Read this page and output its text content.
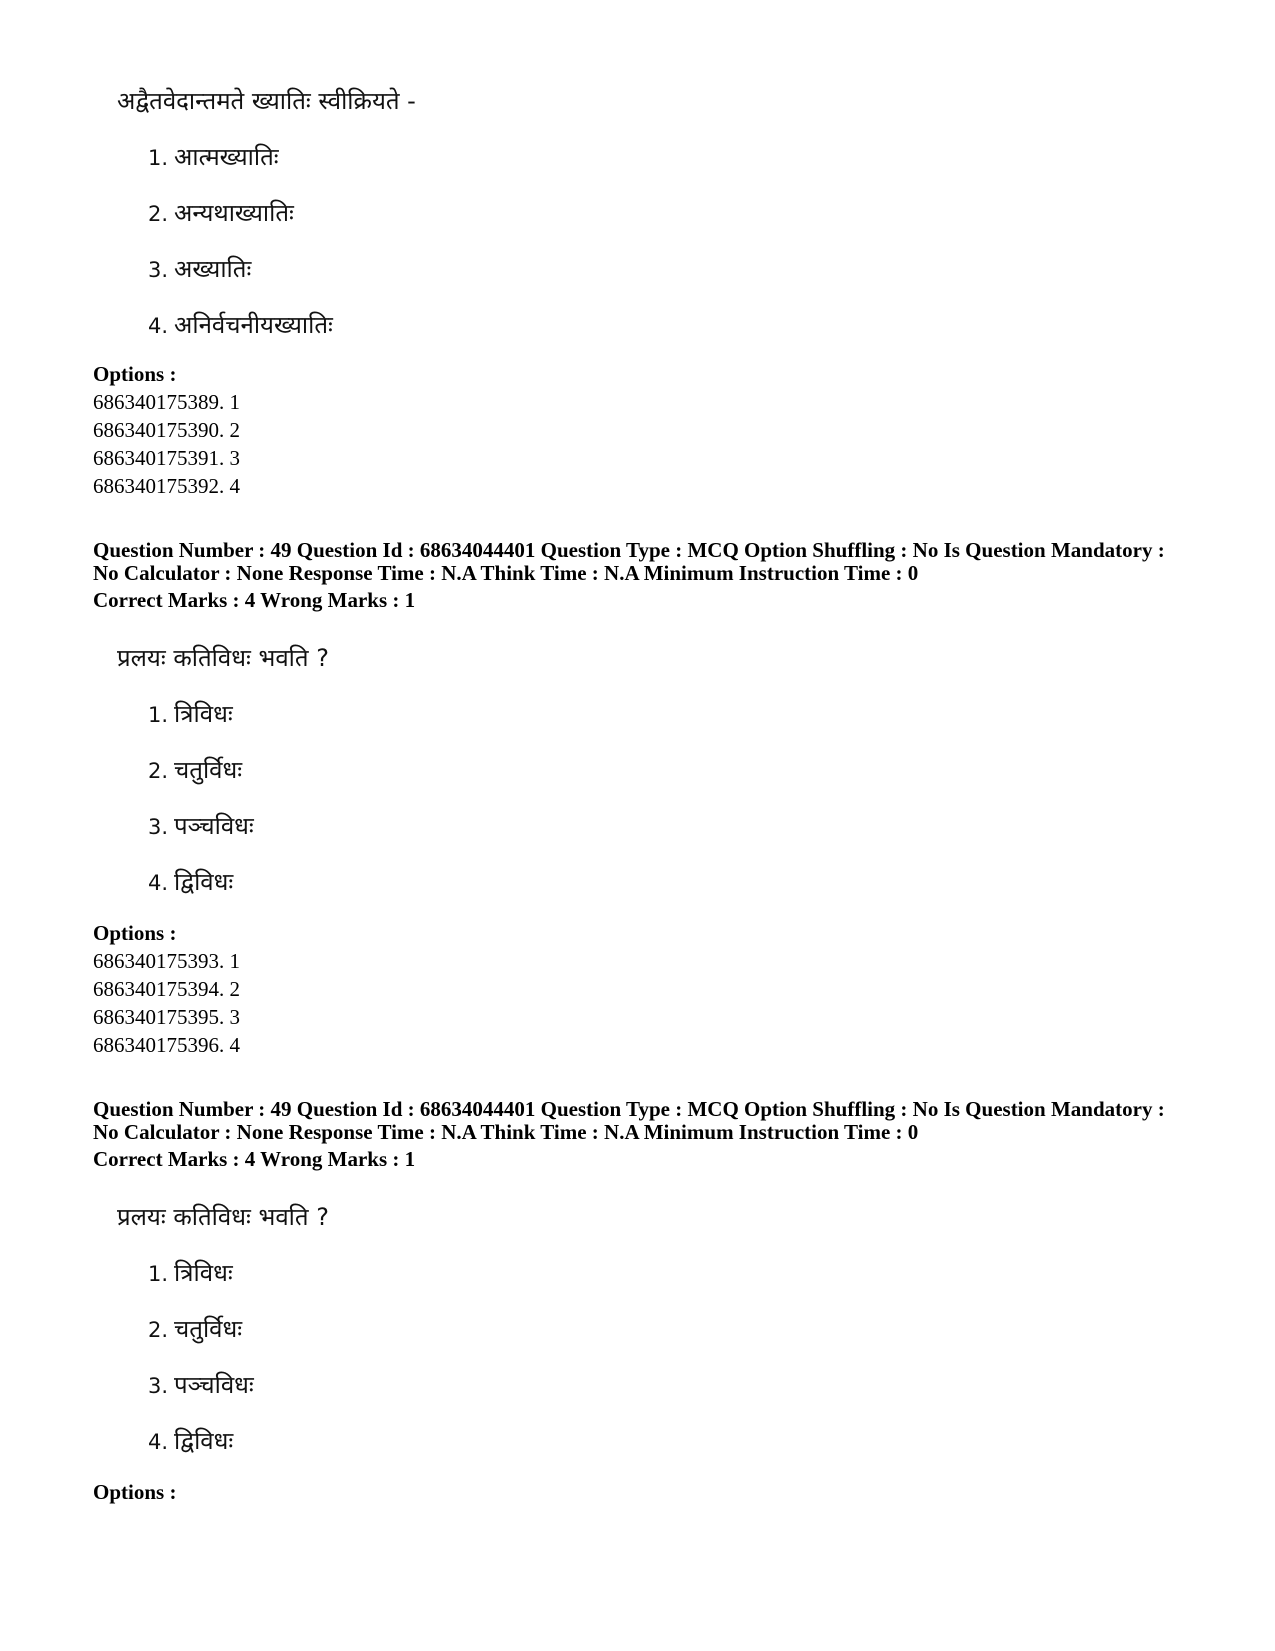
अद्वैतवेदान्तमते ख्यातिः स्वीक्रियते -
1. आत्मख्यातिः
2. अन्यथाख्यातिः
3. अख्यातिः
4. अनिर्वचनीयख्यातिः
Options :
686340175389. 1
686340175390. 2
686340175391. 3
686340175392. 4
Question Number : 49 Question Id : 68634044401 Question Type : MCQ Option Shuffling : No Is Question Mandatory :
No Calculator : None Response Time : N.A Think Time : N.A Minimum Instruction Time : 0
Correct Marks : 4 Wrong Marks : 1
प्रलयः कतिविधः भवति ?
1. त्रिविधः
2. चतुर्विधः
3. पञ्चविधः
4. द्विविधः
Options :
686340175393. 1
686340175394. 2
686340175395. 3
686340175396. 4
Question Number : 49 Question Id : 68634044401 Question Type : MCQ Option Shuffling : No Is Question Mandatory :
No Calculator : None Response Time : N.A Think Time : N.A Minimum Instruction Time : 0
Correct Marks : 4 Wrong Marks : 1
प्रलयः कतिविधः भवति ?
1. त्रिविधः
2. चतुर्विधः
3. पञ्चविधः
4. द्विविधः
Options :
